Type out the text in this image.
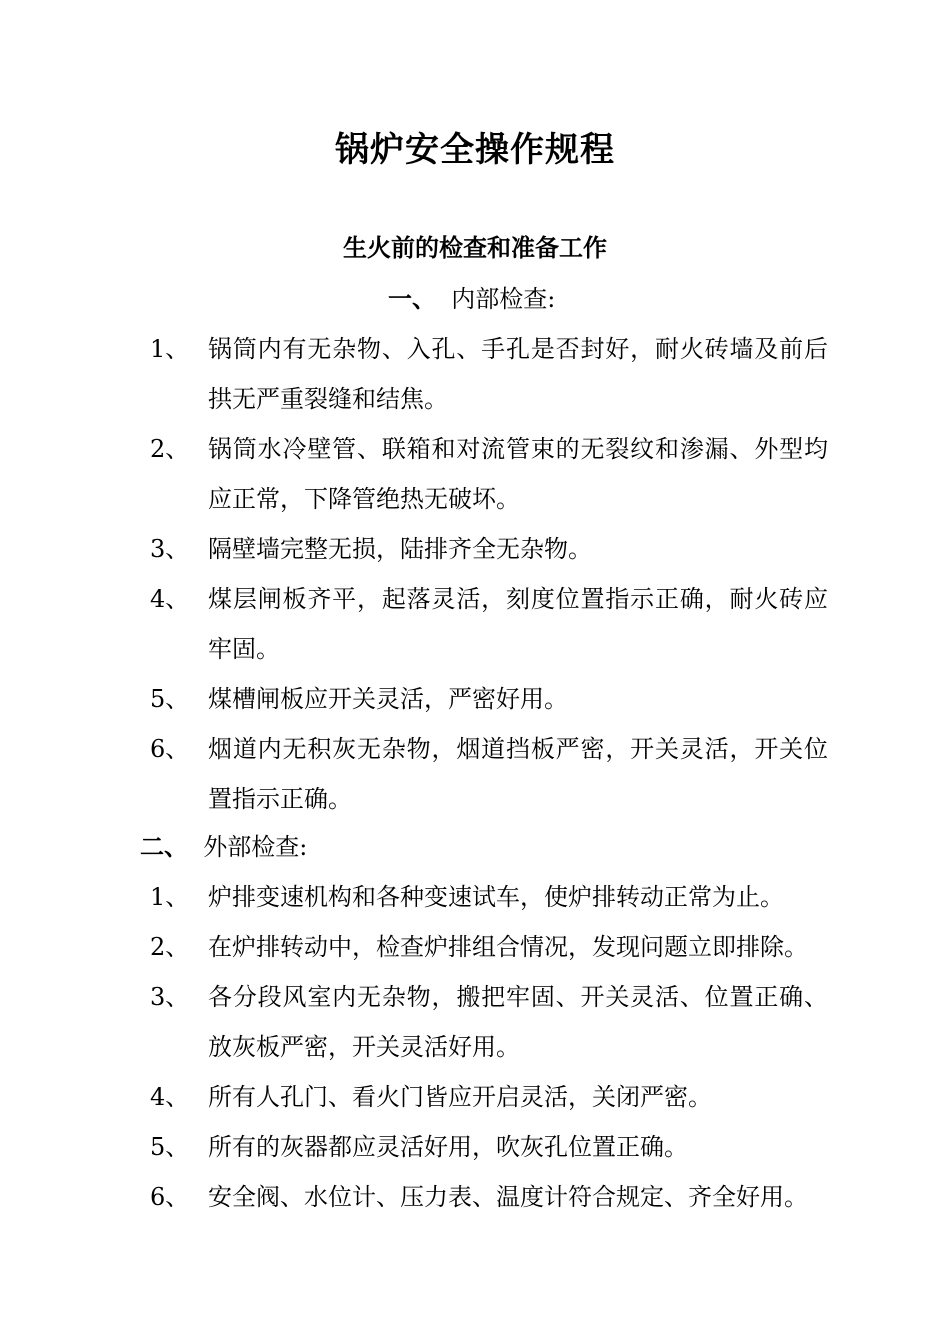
锅炉安全操作规程
生火前的检查和准备工作
一、 内部检查:
1、 锅筒内有无杂物、入孔、手孔是否封好，耐火砖墙及前后拱无严重裂缝和结焦。
2、 锅筒水冷壁管、联箱和对流管束的无裂纹和渗漏、外型均应正常，下降管绝热无破坏。
3、 隔壁墙完整无损，陆排齐全无杂物。
4、 煤层闸板齐平，起落灵活，刻度位置指示正确，耐火砖应牢固。
5、 煤槽闸板应开关灵活，严密好用。
6、 烟道内无积灰无杂物，烟道挡板严密，开关灵活，开关位置指示正确。
二、 外部检查:
1、 炉排变速机构和各种变速试车，使炉排转动正常为止。
2、 在炉排转动中，检查炉排组合情况，发现问题立即排除。
3、 各分段风室内无杂物，搬把牢固、开关灵活、位置正确、放灰板严密，开关灵活好用。
4、 所有人孔门、看火门皆应开启灵活，关闭严密。
5、 所有的灰器都应灵活好用，吹灰孔位置正确。
6、 安全阀、水位计、压力表、温度计符合规定、齐全好用。
